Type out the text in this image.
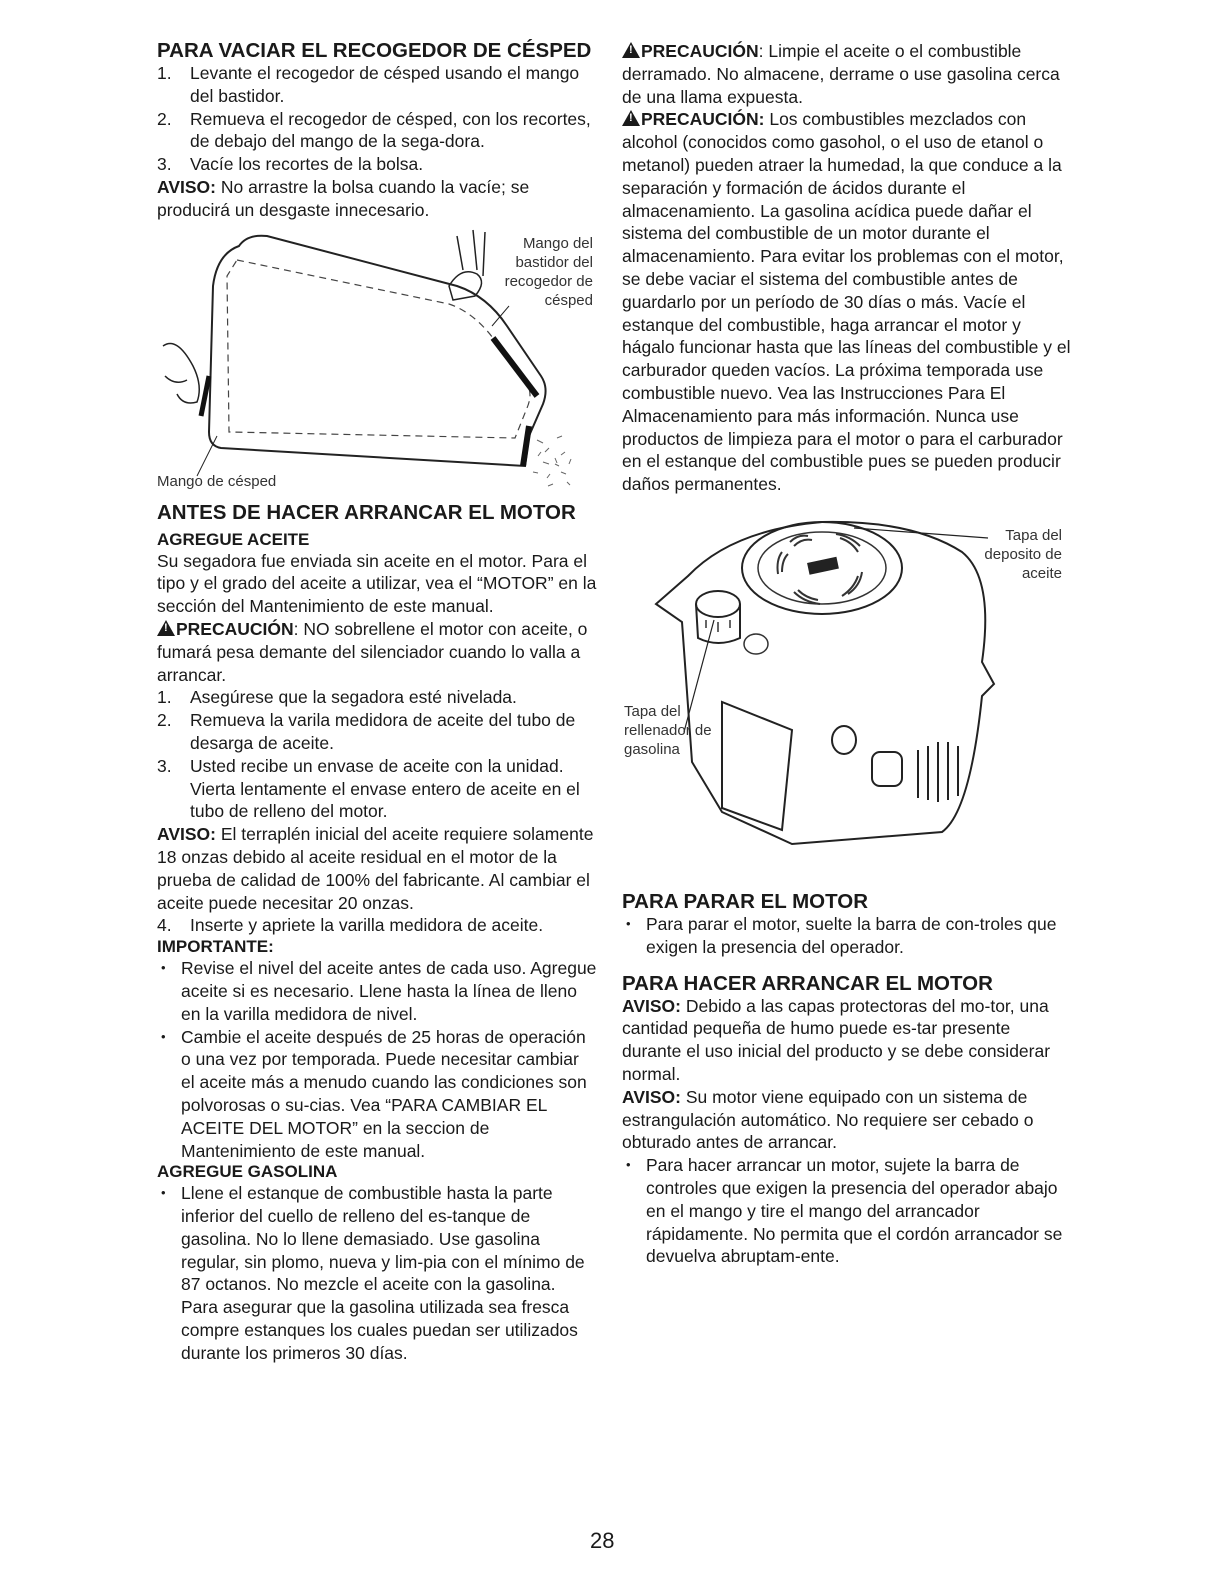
PARA VACIAR EL RECOGEDOR DE CÉSPED
1. Levante el recogedor de césped usando el mango del bastidor.
2. Remueva el recogedor de césped, con los recortes, de debajo del mango de la sega-dora.
3. Vacíe los recortes de la bolsa.

AVISO: No arrastre la bolsa cuando la vacíe; se producirá un desgaste innecesario.

Mango del bastidor del recogedor de césped
Mango de césped
ANTES DE HACER ARRANCAR EL MOTOR
AGREGUE ACEITE

Su segadora fue enviada sin aceite en el motor. Para el tipo y el grado del aceite a utilizar, vea el “MOTOR” en la sección del Mantenimiento de este manual.

!PRECAUCIÓN: NO sobrellene el motor con aceite, o fumará pesa demante del silenciador cuando lo valla a arrancar.

1. Asegúrese que la segadora esté nivelada.
2. Remueva la varila medidora de aceite del tubo de desarga de aceite.
3. Usted recibe un envase de aceite con la unidad. Vierta lentamente el envase entero de aceite en el tubo de relleno del motor.

AVISO: El terraplén inicial del aceite requiere solamente 18 onzas debido al aceite residual en el motor de la prueba de calidad de 100% del fabricante. Al cambiar el aceite puede necesitar 20 onzas.

4. Inserte y apriete la varilla medidora de aceite.
IMPORTANTE:
• Revise el nivel del aceite antes de cada uso. Agregue aceite si es necesario. Llene hasta la línea de lleno en la varilla medidora de nivel.
• Cambie el aceite después de 25 horas de operación o una vez por temporada. Puede necesitar cambiar el aceite más a menudo cuando las condiciones son polvorosas o su-cias. Vea “PARA CAMBIAR EL ACEITE DEL MOTOR” en la seccion de Mantenimiento de este manual.
AGREGUE GASOLINA
• Llene el estanque de combustible hasta la parte inferior del cuello de relleno del es-tanque de gasolina. No lo llene demasiado. Use gasolina regular, sin plomo, nueva y lim-pia con el mínimo de 87 octanos. No mezcle el aceite con la gasolina. Para asegurar que la gasolina utilizada sea fresca compre estanques los cuales puedan ser utilizados durante los primeros 30 días.

!PRECAUCIÓN: Limpie el aceite o el combustible derramado. No almacene, derrame o use gasolina cerca de una llama expuesta.

!PRECAUCIÓN: Los combustibles mezclados con alcohol (conocidos como gasohol, o el uso de etanol o metanol) pueden atraer la humedad, la que conduce a la separación y formación de ácidos durante el almacenamiento. La gasolina acídica puede dañar el sistema del combustible de un motor durante el almacenamiento. Para evitar los problemas con el motor, se debe vaciar el sistema del combustible antes de guardarlo por un período de 30 días o más. Vacíe el estanque del combustible, haga arrancar el motor y hágalo funcionar hasta que las líneas del combustible y el carburador queden vacíos. La próxima temporada use combustible nuevo. Vea las Instrucciones Para El Almacenamiento para más información. Nunca use productos de limpieza para el motor o para el carburador en el estanque del combustible pues se pueden producir daños permanentes.

Tapa del deposito de aceite
Tapa del rellenador de gasolina
PARA PARAR EL MOTOR
• Para parar el motor, suelte la barra de con-troles que exigen la presencia del operador.
PARA HACER ARRANCAR EL MOTOR

AVISO: Debido a las capas protectoras del mo-tor, una cantidad pequeña de humo puede es-tar presente durante el uso inicial del producto y se debe considerar normal.

AVISO: Su motor viene equipado con un sistema de estrangulación automático. No requiere ser cebado o obturado antes de arrancar.

• Para hacer arrancar un motor, sujete la barra de controles que exigen la presencia del operador abajo en el mango y tire el mango del arrancador rápidamente. No permita que el cordón arrancador se devuelva abruptam-ente.
28
